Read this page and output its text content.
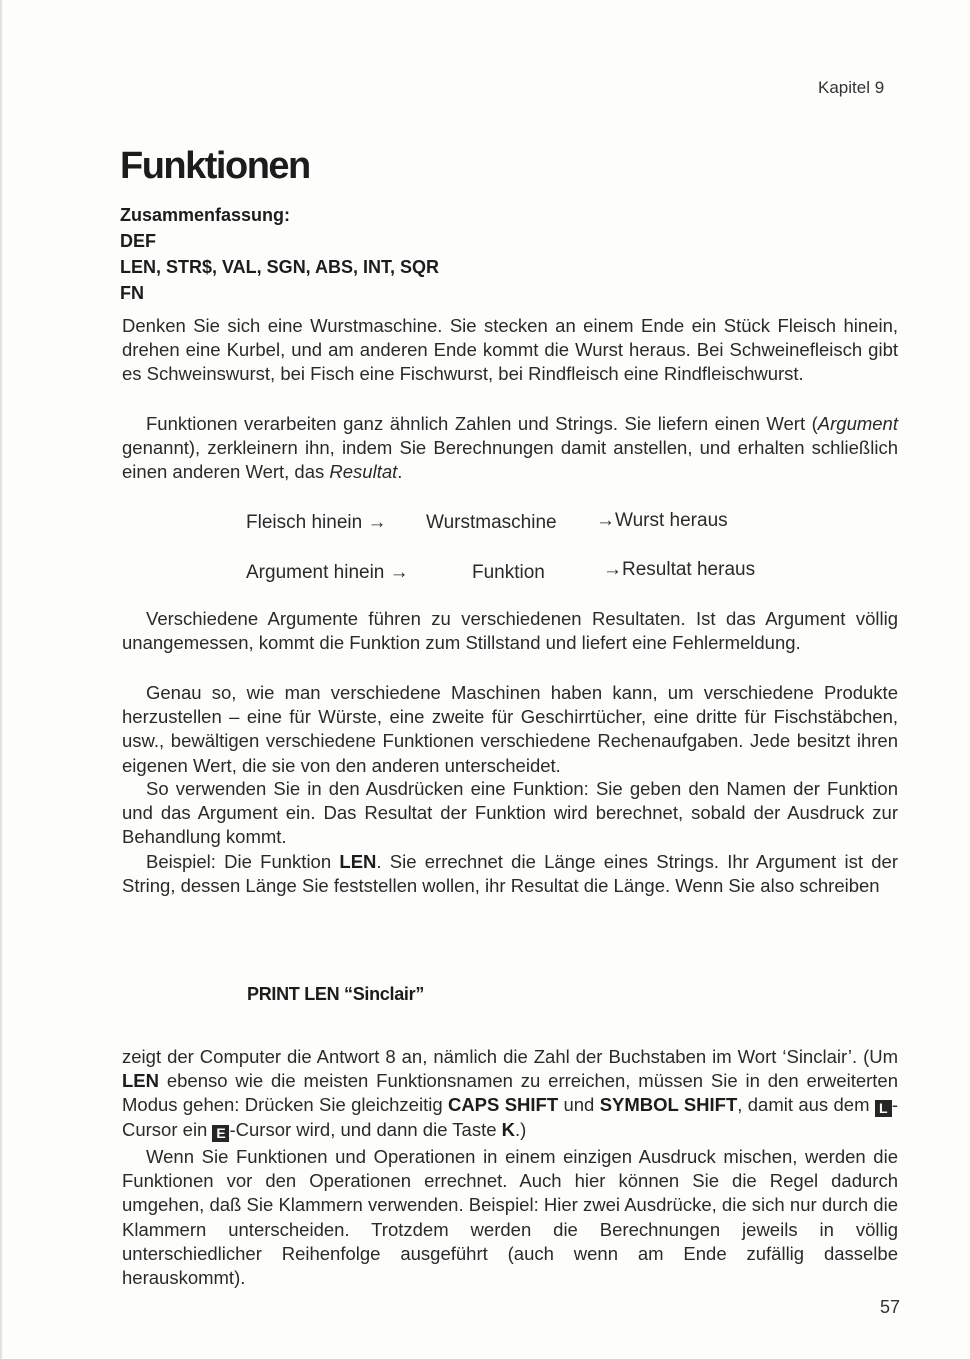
Kapitel 9
Funktionen
Zusammenfassung:
DEF
LEN, STR$, VAL, SGN, ABS, INT, SQR
FN

Denken Sie sich eine Wurstmaschine. Sie stecken an einem Ende ein Stück Fleisch hinein, drehen eine Kurbel, und am anderen Ende kommt die Wurst heraus. Bei Schweinefleisch gibt es Schweinswurst, bei Fisch eine Fischwurst, bei Rindfleisch eine Rindfleischwurst.

Funktionen verarbeiten ganz ähnlich Zahlen und Strings. Sie liefern einen Wert (Argument genannt), zerkleinern ihn, indem Sie Berechnungen damit anstellen, und erhalten schließlich einen anderen Wert, das Resultat.

Fleisch hinein → Wurstmaschine →Wurst heraus
Argument hinein →	Funktion	→Resultat heraus

Verschiedene Argumente führen zu verschiedenen Resultaten. Ist das Argument völlig unangemessen, kommt die Funktion zum Stillstand und liefert eine Fehlermeldung.

Genau so, wie man verschiedene Maschinen haben kann, um verschiedene Produkte herzustellen – eine für Würste, eine zweite für Geschirrtücher, eine dritte für Fischstäbchen, usw., bewältigen verschiedene Funktionen verschiedene Rechenaufgaben. Jede besitzt ihren eigenen Wert, die sie von den anderen unterscheidet.

So verwenden Sie in den Ausdrücken eine Funktion: Sie geben den Namen der Funktion und das Argument ein. Das Resultat der Funktion wird berechnet, sobald der Ausdruck zur Behandlung kommt.

Beispiel: Die Funktion LEN. Sie errechnet die Länge eines Strings. Ihr Argument ist der String, dessen Länge Sie feststellen wollen, ihr Resultat die Länge. Wenn Sie also schreiben

PRINT LEN “Sinclair”

zeigt der Computer die Antwort 8 an, nämlich die Zahl der Buchstaben im Wort ‘Sinclair’. (Um LEN ebenso wie die meisten Funktionsnamen zu erreichen, müssen Sie in den erweiterten Modus gehen: Drücken Sie gleichzeitig CAPS SHIFT und SYMBOL SHIFT, damit aus dem L -Cursor ein E -Cursor wird, und dann die Taste K.)

Wenn Sie Funktionen und Operationen in einem einzigen Ausdruck mischen, werden die Funktionen vor den Operationen errechnet. Auch hier können Sie die Regel dadurch umgehen, daß Sie Klammern verwenden. Beispiel: Hier zwei Ausdrücke, die sich nur durch die Klammern unterscheiden. Trotzdem werden die Berechnungen jeweils in völlig unterschiedlicher Reihenfolge ausgeführt (auch wenn am Ende zufällig dasselbe herauskommt).

57
